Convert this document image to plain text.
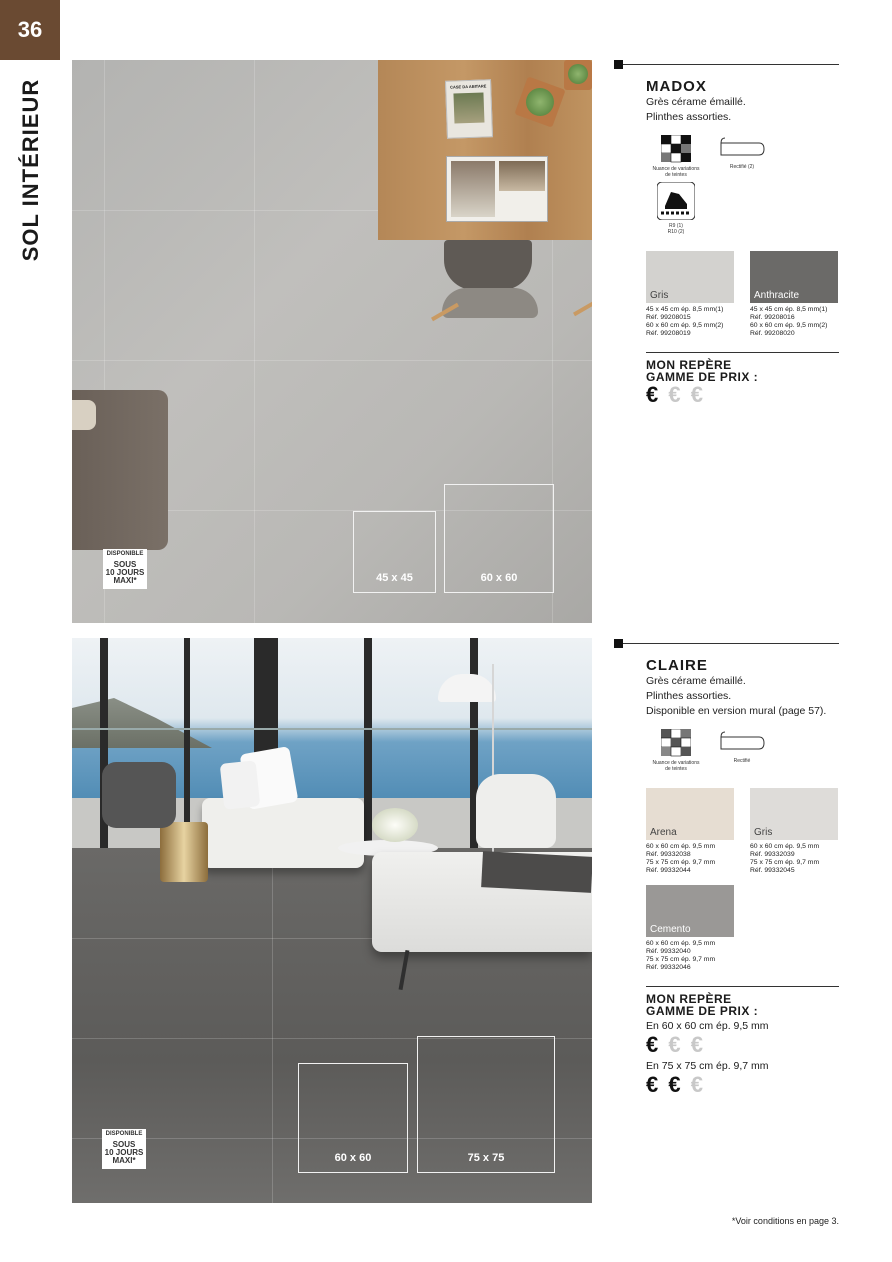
36
SOL INTÉRIEUR	CASE DA ABITARE
45 x 45	60 x 60
DISPONIBLE
SOUS
10 JOURS
MAXI*
60 x 60	75 x 75
DISPONIBLE
SOUS
10 JOURS
MAXI*
MADOX
Grès cérame émaillé.
Plinthes assorties.
Nuance de variations de teintes
Rectifié (2)
R9 (1)
R10 (2)
Gris
45 x 45 cm ép. 8,5 mm(1)
Réf. 99208015
60 x 60 cm ép. 9,5 mm(2)
Réf. 99208019
Anthracite
45 x 45 cm ép. 8,5 mm(1)
Réf. 99208016
60 x 60 cm ép. 9,5 mm(2)
Réf. 99208020
MON REPÈRE
GAMME DE PRIX :
€ € €
CLAIRE
Grès cérame émaillé.
Plinthes assorties.
Disponible en version mural (page 57).
Nuance de variations de teintes
Rectifié
Arena
60 x 60 cm ép. 9,5 mm
Réf. 99332038
75 x 75 cm ép. 9,7 mm
Réf. 99332044
Gris
60 x 60 cm ép. 9,5 mm
Réf. 99332039
75 x 75 cm ép. 9,7 mm
Réf. 99332045
Cemento
60 x 60 cm ép. 9,5 mm
Réf. 99332040
75 x 75 cm ép. 9,7 mm
Réf. 99332046
MON REPÈRE
GAMME DE PRIX :
En 60 x 60 cm ép. 9,5 mm
€ € €
En 75 x 75 cm ép. 9,7 mm
€ € €
*Voir conditions en page 3.
